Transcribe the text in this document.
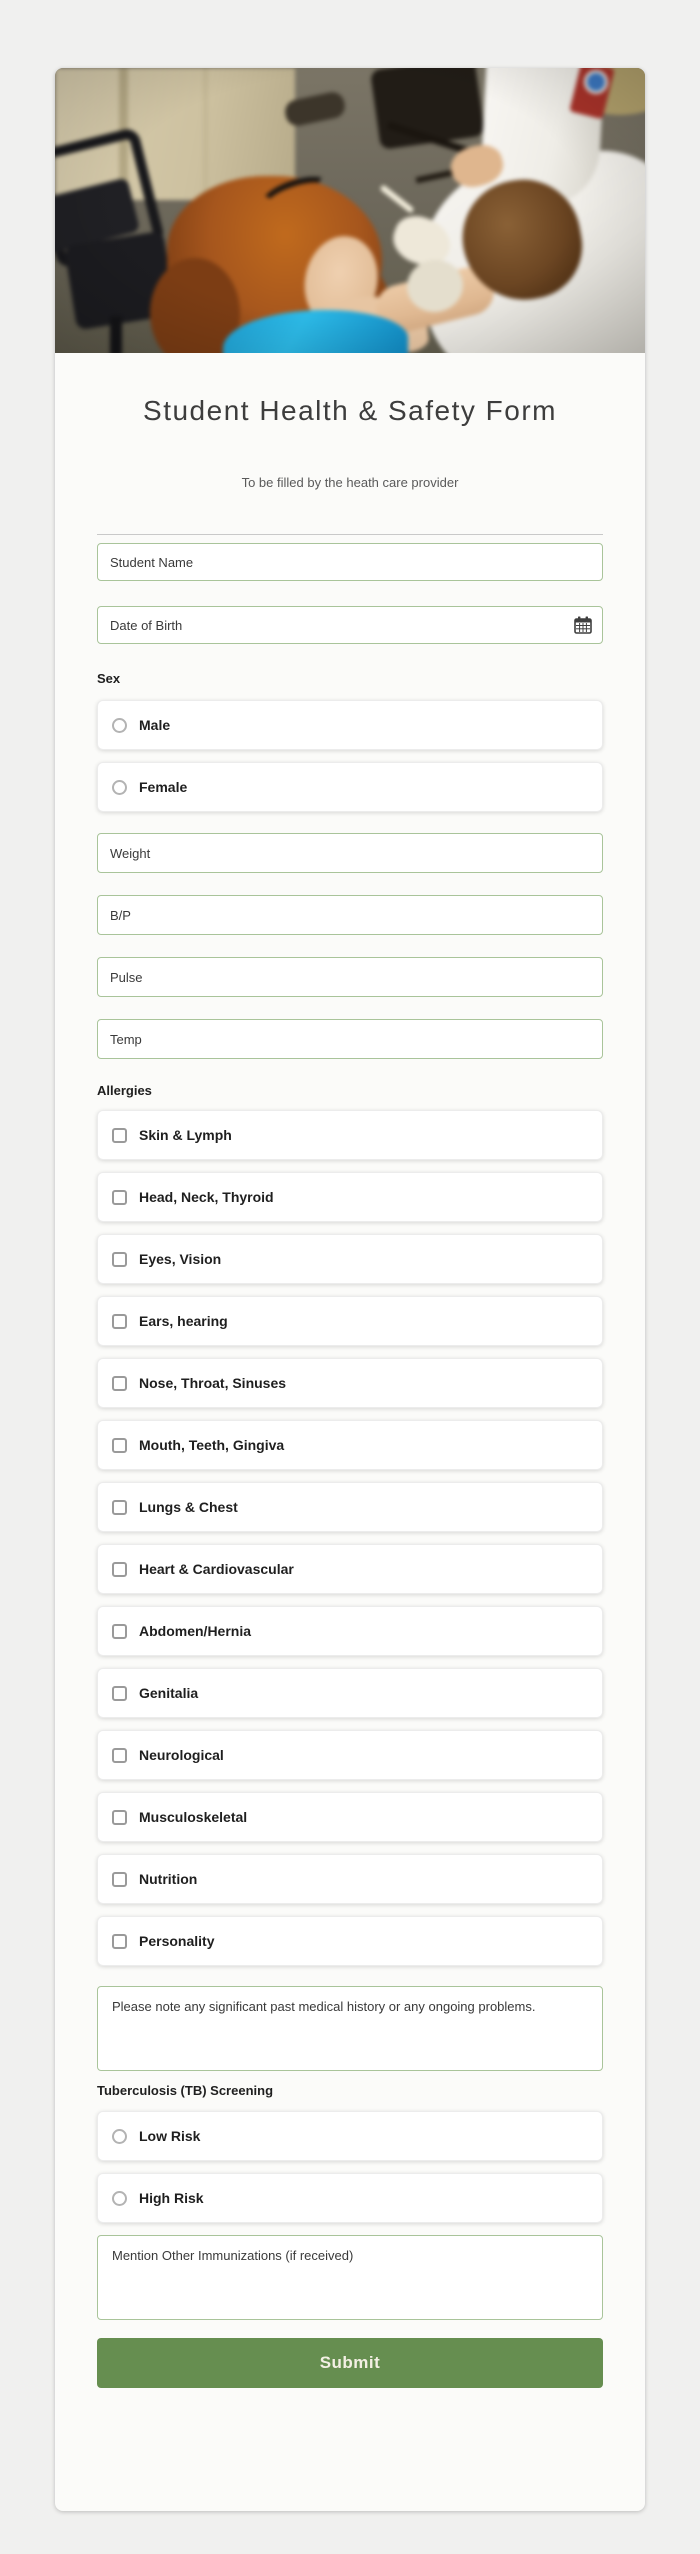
Student Health & Safety Form

To be filled by the heath care provider

Student Name
Date of Birth
Sex
Male
Female
Weight
B/P
Pulse
Temp
Allergies
Skin & Lymph
Head, Neck, Thyroid
Eyes, Vision
Ears, hearing
Nose, Throat, Sinuses
Mouth, Teeth, Gingiva
Lungs & Chest
Heart & Cardiovascular
Abdomen/Hernia
Genitalia
Neurological
Musculoskeletal
Nutrition
Personality
Please note any significant past medical history or any ongoing problems.
Tuberculosis (TB) Screening
Low Risk
High Risk
Mention Other Immunizations (if received)
Submit
